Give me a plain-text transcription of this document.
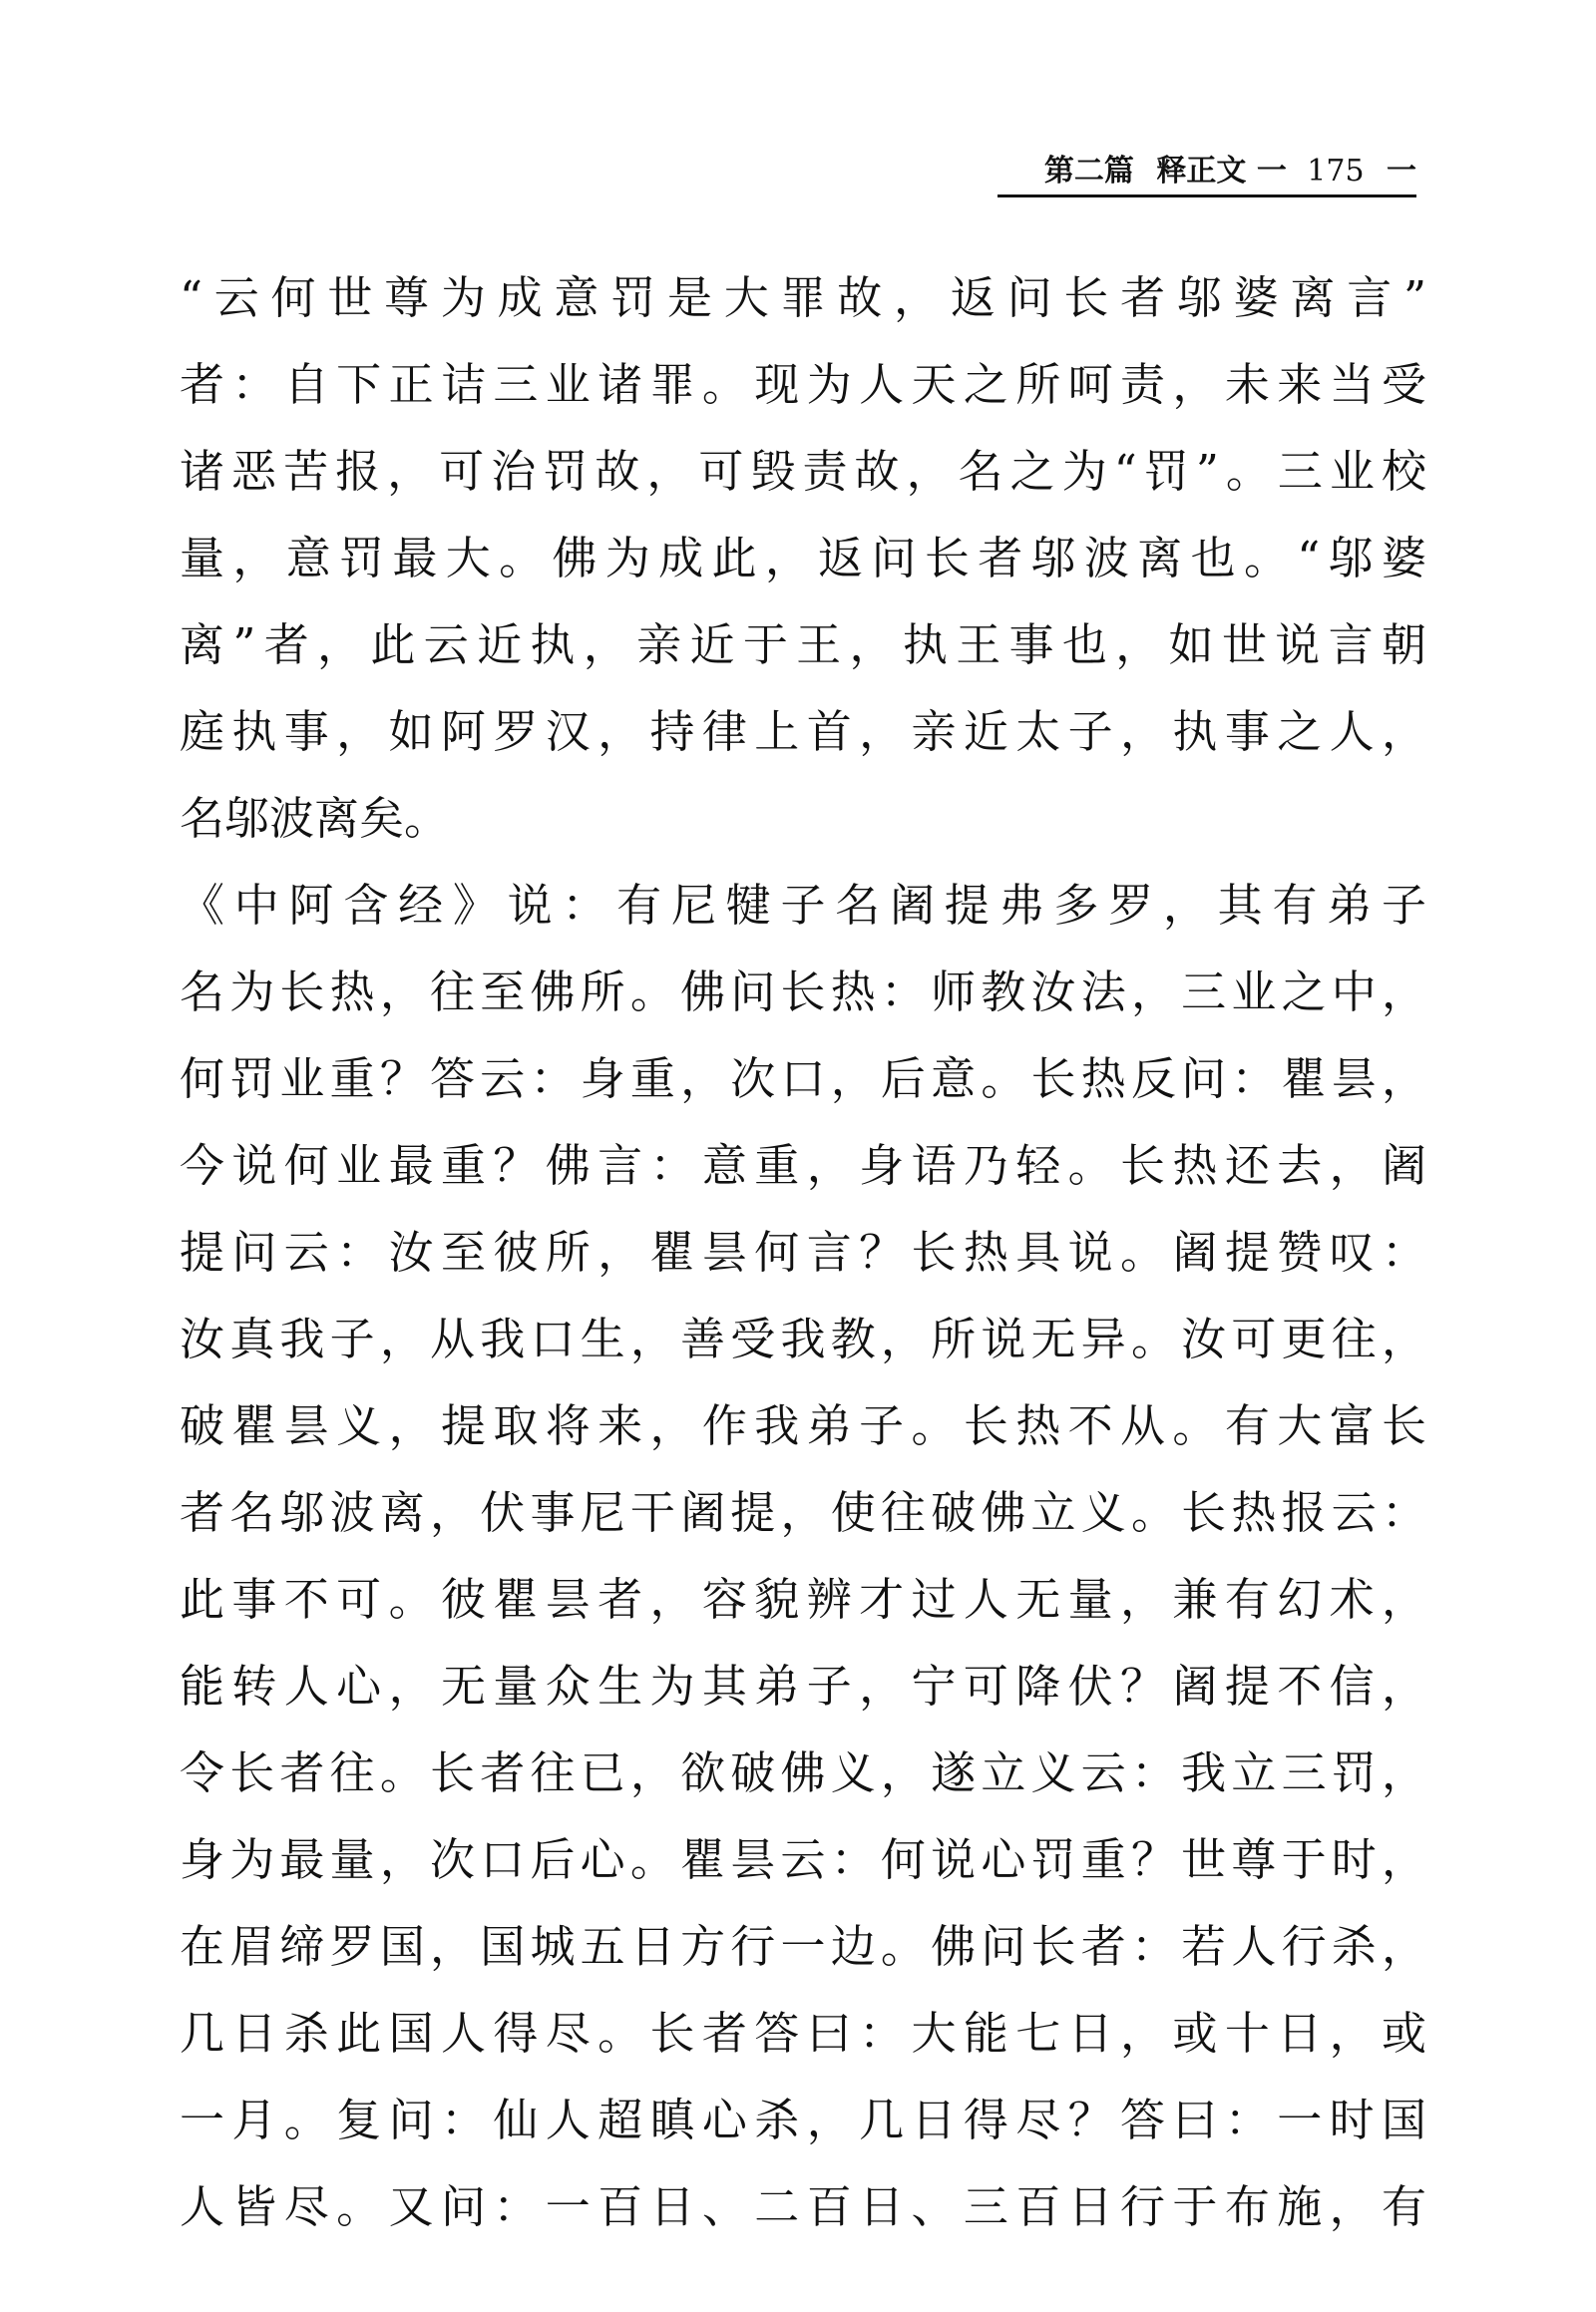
第二篇 释正文 一 175 一
“云何世尊为成意罚是大罪故，返问长者邬婆离言”
者：自下正诘三业诸罪。现为人天之所呵责，未来当受
诸恶苦报，可治罚故，可毁责故，名之为“罚”。三业校
量，意罚最大。佛为成此，返问长者邬波离也。“邬婆
离”者，此云近执，亲近于王，执王事也，如世说言朝
庭执事，如阿罗汉，持律上首，亲近太子，执事之人，
名邬波离矣。
《中阿含经》说：有尼犍子名阇提弗多罗，其有弟子
名为长热，往至佛所。佛问长热：师教汝法，三业之中，
何罚业重？答云：身重，次口，后意。长热反问：瞿昙，
今说何业最重？佛言：意重，身语乃轻。长热还去，阇
提问云：汝至彼所，瞿昙何言？长热具说。阇提赞叹：
汝真我子，从我口生，善受我教，所说无异。汝可更往，
破瞿昙义，提取将来，作我弟子。长热不从。有大富长
者名邬波离，伏事尼干阇提，使往破佛立义。长热报云：
此事不可。彼瞿昙者，容貌辨才过人无量，兼有幻术，
能转人心，无量众生为其弟子，宁可降伏？阇提不信，
令长者往。长者往已，欲破佛义，遂立义云：我立三罚，
身为最量，次口后心。瞿昙云：何说心罚重？世尊于时，
在眉缔罗国，国城五日方行一边。佛问长者：若人行杀，
几日杀此国人得尽。长者答曰：大能七日，或十日，或
一月。复问：仙人超瞋心杀，几日得尽？答曰：一时国
人皆尽。又问：一百日、二百日、三百日行于布施，有
